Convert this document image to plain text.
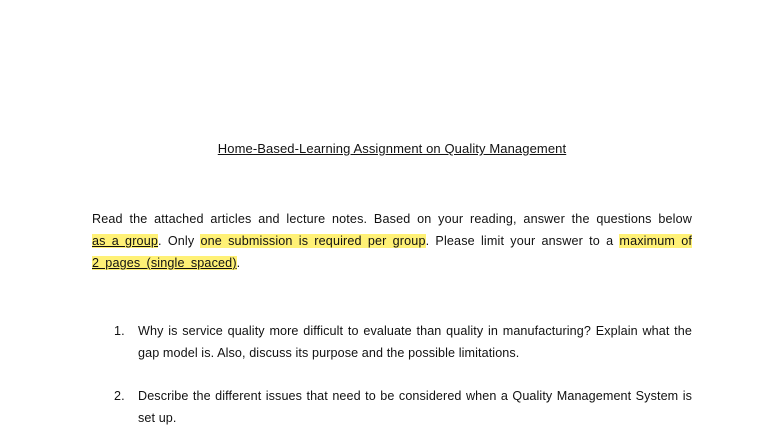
Home-Based-Learning Assignment on Quality Management

Read the attached articles and lecture notes. Based on your reading, answer the questions below as a group. Only one submission is required per group. Please limit your answer to a maximum of 2 pages (single spaced).

1. Why is service quality more difficult to evaluate than quality in manufacturing? Explain what the gap model is. Also, discuss its purpose and the possible limitations.
2. Describe the different issues that need to be considered when a Quality Management System is set up.
